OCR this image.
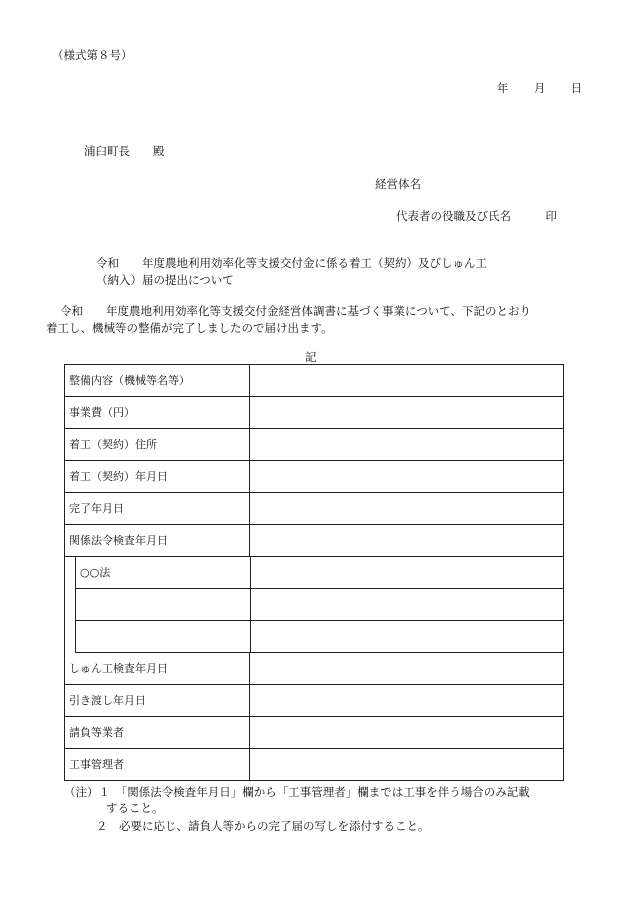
（様式第８号）
年 月 日
浦臼町長　　殿
経営体名
代表者の役職及び氏名　　　印
令和　　年度農地利用効率化等支援交付金に係る着工（契約）及びしゅん工
（納入）届の提出について
令和　　年度農地利用効率化等支援交付金経営体調書に基づく事業について、下記のとおり
着工し、機械等の整備が完了しましたので届け出ます。
記
整備内容（機械等名等）
事業費（円）
着工（契約）住所
着工（契約）年月日
完了年月日
関係法令検査年月日
○○法
しゅん工検査年月日
引き渡し年月日
請負等業者
工事管理者
（注）１　「関係法令検査年月日」欄から「工事管理者」欄までは工事を伴う場合のみ記載
すること。
２　必要に応じ、請負人等からの完了届の写しを添付すること。
